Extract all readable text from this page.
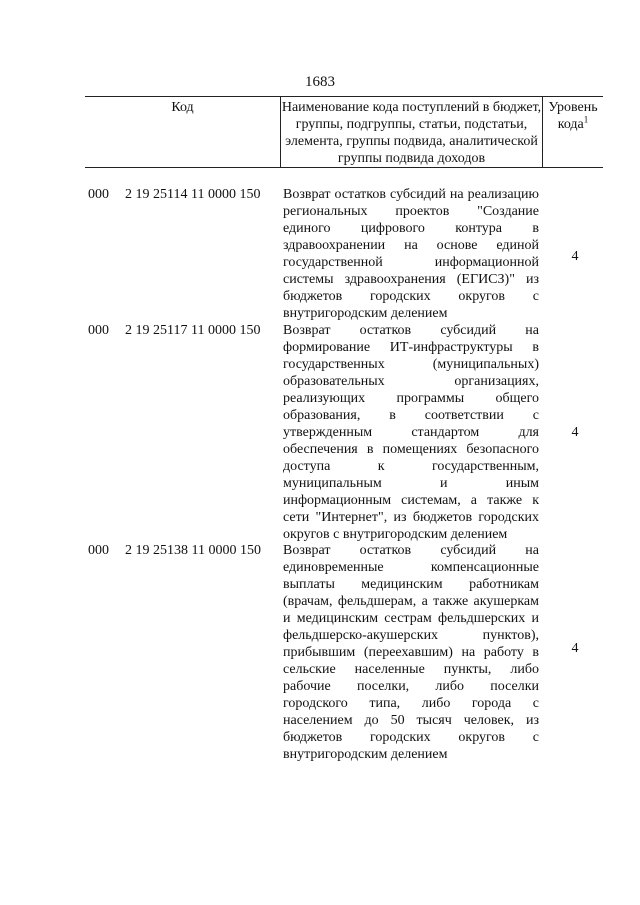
1683
Код	Наименование кода поступлений в бюджет, группы, подгруппы, статьи, подстатьи, элемента, группы подвида, аналитической группы подвида доходов
Уровень кода$^1$
000 2 19 25114 11 0000 150 Возврат остатков субсидий на реализацию региональных проектов "Создание единого цифрового контура в здравоохранении на основе единой государственной информационной системы здравоохранения (ЕГИСЗ)" из бюджетов городских округов с внутригородским делением
4
000 2 19 25117 11 0000 150 Возврат остатков субсидий на формирование ИТ-инфраструктуры в государственных (муниципальных) образовательных организациях, реализующих программы общего образования, в соответствии с утвержденным стандартом для обеспечения в помещениях безопасного доступа к государственным, муниципальным и иным информационным системам, а также к сети "Интернет", из бюджетов городских округов с внутригородским делением
4
000 2 19 25138 11 0000 150 Возврат остатков субсидий на единовременные компенсационные выплаты медицинским работникам (врачам, фельдшерам, а также акушеркам и медицинским сестрам фельдшерских и фельдшерско-акушерских пунктов), прибывшим (переехавшим) на работу в сельские населенные пункты, либо рабочие поселки, либо поселки городского типа, либо города с населением до 50 тысяч человек, из бюджетов городских округов с внутригородским делением
4
